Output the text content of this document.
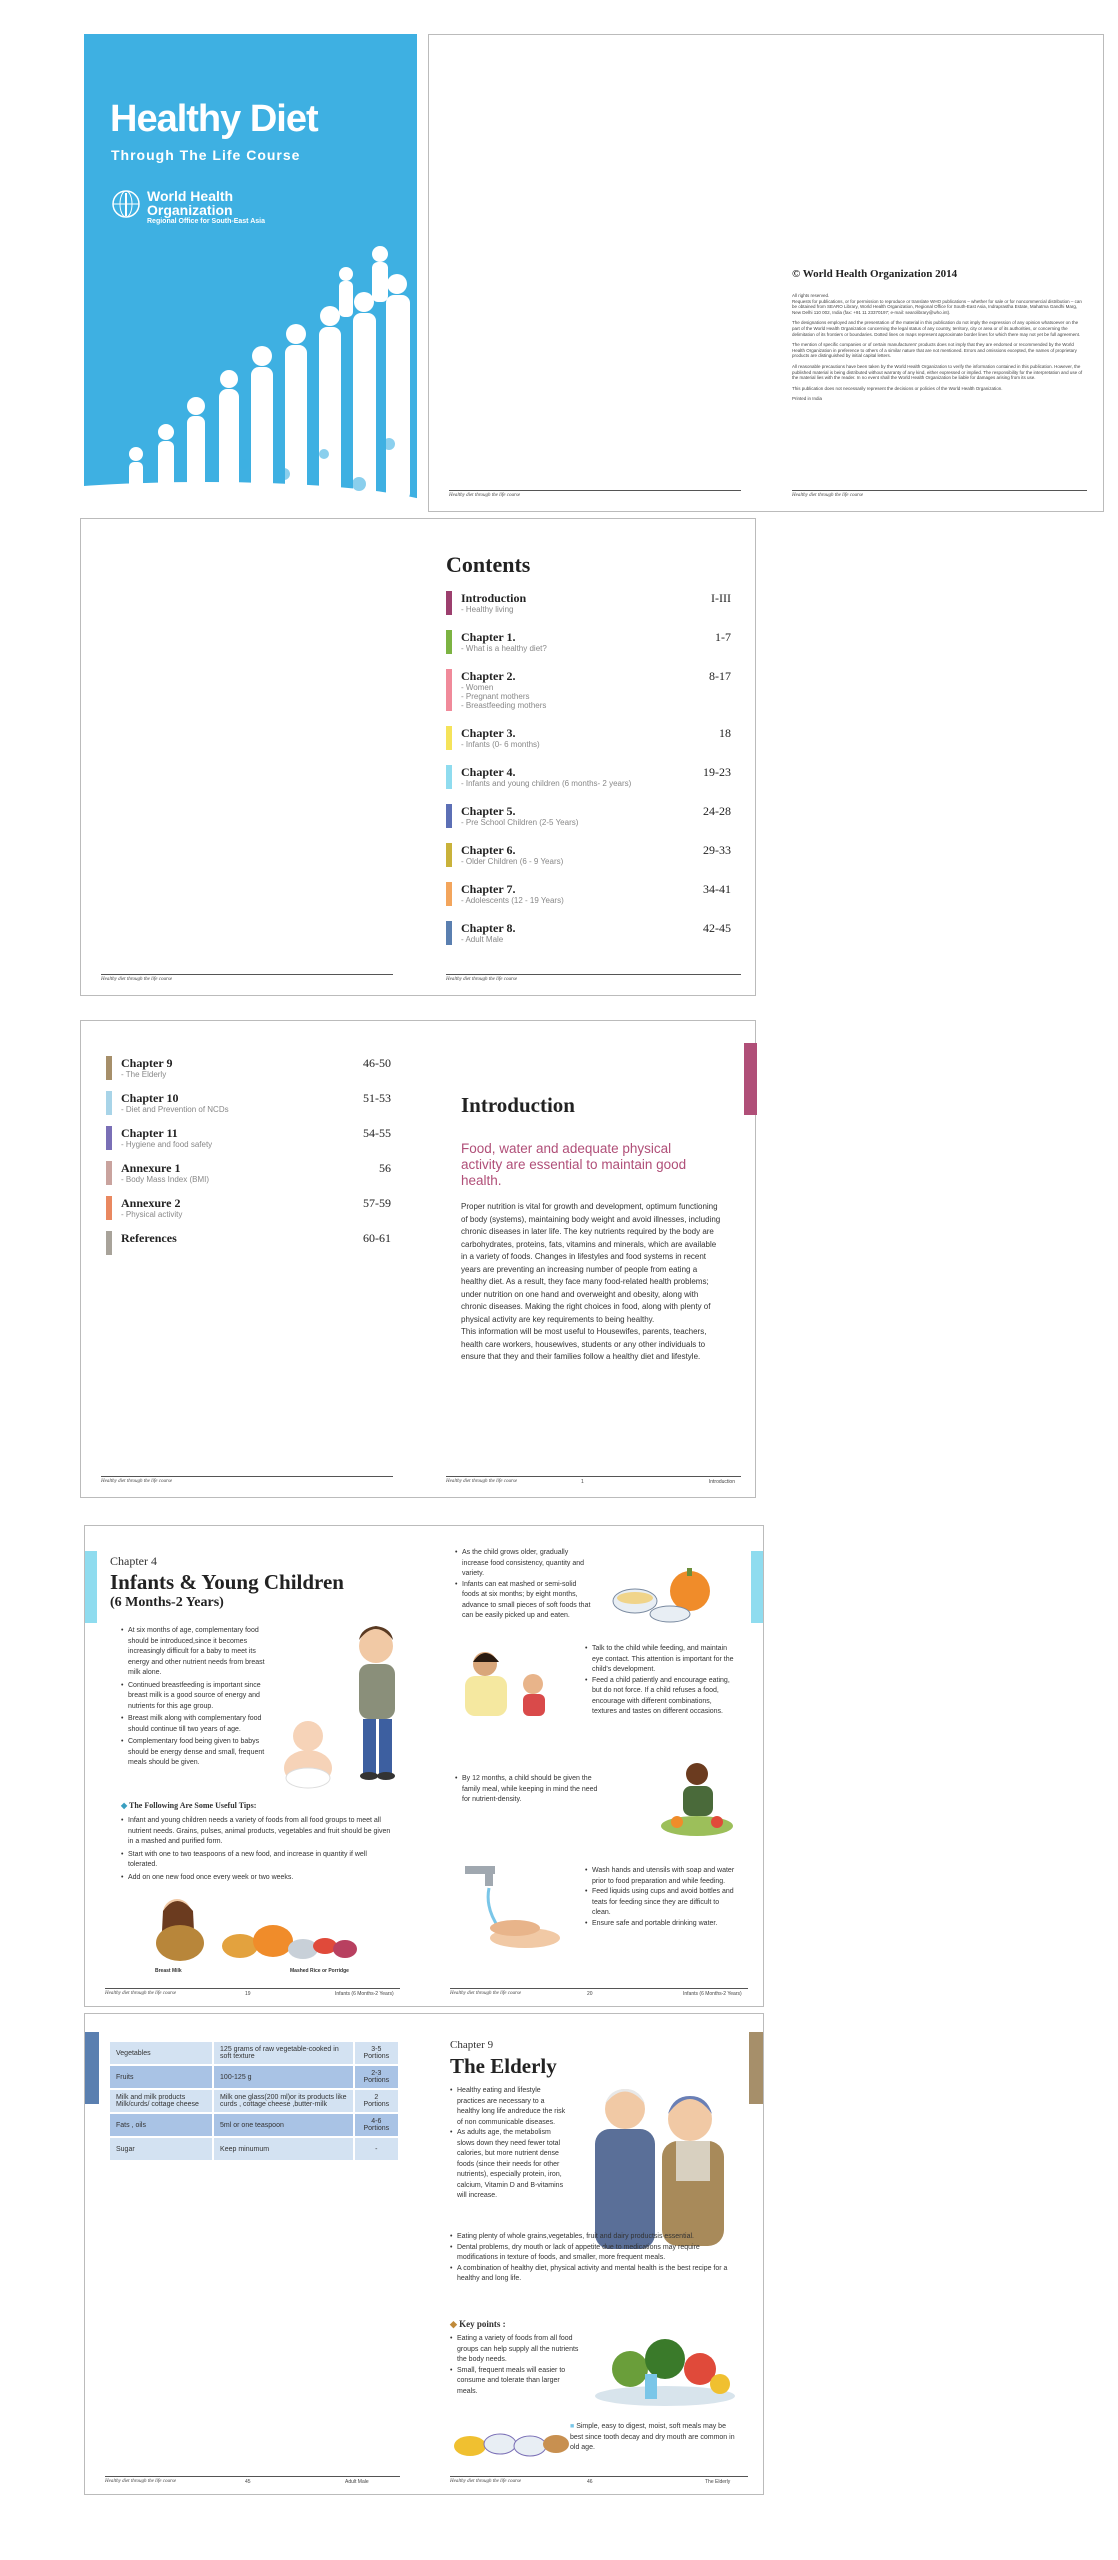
Healthy Diet
Through The Life Course
World Health
Organization
Regional Office for South-East Asia
© World Health Organization 2014

All rights reserved.

Requests for publications, or for permission to reproduce or translate WHO publications – whether for sale or for noncommercial distribution – can be obtained from SEARO Library, World Health Organization, Regional Office for South-East Asia, Indraprastha Estate, Mahatma Gandhi Marg, New Delhi 110 002, India (fax: +91 11 23370197; e-mail: searolibrary@who.int).

The designations employed and the presentation of the material in this publication do not imply the expression of any opinion whatsoever on the part of the World Health Organization concerning the legal status of any country, territory, city or area or of its authorities, or concerning the delimitation of its frontiers or boundaries. Dotted lines on maps represent approximate border lines for which there may not yet be full agreement.

The mention of specific companies or of certain manufacturers' products does not imply that they are endorsed or recommended by the World Health Organization in preference to others of a similar nature that are not mentioned. Errors and omissions excepted, the names of proprietary products are distinguished by initial capital letters.

All reasonable precautions have been taken by the World Health Organization to verify the information contained in this publication. However, the published material is being distributed without warranty of any kind, either expressed or implied. The responsibility for the interpretation and use of the material lies with the reader. In no event shall the World Health Organization be liable for damages arising from its use.

This publication does not necessarily represent the decisions or policies of the World Health Organization.

Printed in India

Healthy diet through the life course	Healthy diet through the life course
Contents
Introduction
- Healthy living
I-III
Chapter 1.
- What is a healthy diet?
1-7
Chapter 2.
- Women
- Pregnant mothers
- Breastfeeding mothers
8-17
Chapter 3.
- Infants (0- 6 months)
18
Chapter 4.
- Infants and young children (6 months- 2 years)
19-23
Chapter 5.
- Pre School Children (2-5 Years)
24-28
Chapter 6.
- Older Children (6 - 9 Years)
29-33
Chapter 7.
- Adolescents (12 - 19 Years)
34-41
Chapter 8.
- Adult Male
42-45
Healthy diet through the life course	Healthy diet through the life course
Chapter 9
- The Elderly
46-50
Chapter 10
- Diet and Prevention of NCDs
51-53
Chapter 11
- Hygiene and food safety
54-55
Annexure 1
- Body Mass Index (BMI)
56
Annexure 2
- Physical activity
57-59
References	60-61
Introduction
Food, water and adequate physical activity are essential to maintain good health.

Proper nutrition is vital for growth and development, optimum functioning of body (systems), maintaining body weight and avoid illnesses, including chronic diseases in later life. The key nutrients required by the body are carbohydrates, proteins, fats, vitamins and minerals, which are available in a variety of foods. Changes in lifestyles and food systems in recent years are preventing an increasing number of people from eating a healthy diet. As a result, they face many food-related health problems; under nutrition on one hand and overweight and obesity, along with chronic diseases. Making the right choices in food, along with plenty of physical activity are key requirements to being healthy.

This information will be most useful to Housewifes, parents, teachers, health care workers, housewives, students or any other individuals to ensure that they and their families follow a healthy diet and lifestyle.

Healthy diet through the life course	Healthy diet through the life course	1	Introduction
Chapter 4
Infants & Young Children
(6 Months-2 Years)
• At six months of age, complementary food should be introduced,since it becomes increasingly difficult for a baby to meet its energy and other nutrient needs from breast milk alone.
• Continued breastfeeding is important since breast milk is a good source of energy and nutrients for this age group.
• Breast milk along with complementary food should continue till two years of age.
• Complementary food being given to babys should be energy dense and small, frequent meals should be given.
◆ The Following Are Some Useful Tips:
• Infant and young children needs a variety of foods from all food groups to meet all nutrient needs. Grains, pulses, animal products, vegetables and fruit should be given in a mashed and purified form.
• Start with one to two teaspoons of a new food, and increase in quantity if well tolerated.
• Add on one new food once every week or two weeks.
Breast Milk	Mashed Rice or Porridge
• As the child grows older, gradually increase food consistency, quantity and variety.
• Infants can eat mashed or semi-solid foods at six months; by eight months, advance to small pieces of soft foods that can be easily picked up and eaten.
• Talk to the child while feeding, and maintain eye contact. This attention is important for the child's development.
• Feed a child patiently and encourage eating, but do not force. If a child refuses a food, encourage with different combinations, textures and tastes on different occasions.
• By 12 months, a child should be given the family meal, while keeping in mind the need for nutrient-density.
• Wash hands and utensils with soap and water prior to food preparation and while feeding.
• Feed liquids using cups and avoid bottles and teats for feeding since they are difficult to clean.
• Ensure safe and portable drinking water.
Healthy diet through the life course	19	Infants (6 Months-2 Years)	Healthy diet through the life course	20	Infants (6 Months-2 Years)
Chapter 9
The Elderly
• Healthy eating and lifestyle practices are necessary to a healthy long life andreduce the risk of non communicable diseases.
• As adults age, the metabolism slows down they need fewer total calories, but more nutrient dense foods (since their needs for other nutrients), especially protein, iron, calcium, Vitamin D and B-vitamins will increase.
• Eating plenty of whole grains,vegetables, fruit and dairy productsis essential.
• Dental problems, dry mouth or lack of appetite due to medications may require modifications in texture of foods, and smaller, more frequent meals.
• A combination of healthy diet, physical activity and mental health is the best recipe for a healthy and long life.
◆ Key points :
• Eating a variety of foods from all food groups can help supply all the nutrients the body needs.
• Small, frequent meals will easier to consume and tolerate than larger meals.
■ Simple, easy to digest, moist, soft meals may be best since tooth decay and dry mouth are common in old age.
Healthy diet through the life course	45	Adult Male	Healthy diet through the life course	46	The Elderly
Vegetables	125 grams of raw vegetable-cooked in soft texture	3-5 Portions
Fruits	100-125 g	2-3 Portions
Milk and milk products Milk/curds/ cottage cheese	Milk one glass(200 ml)or its products like curds , cottage cheese ,butter-milk	2 Portions
Fats , oils	5ml or one teaspoon	4-6 Portions
Sugar	Keep minumum	-
